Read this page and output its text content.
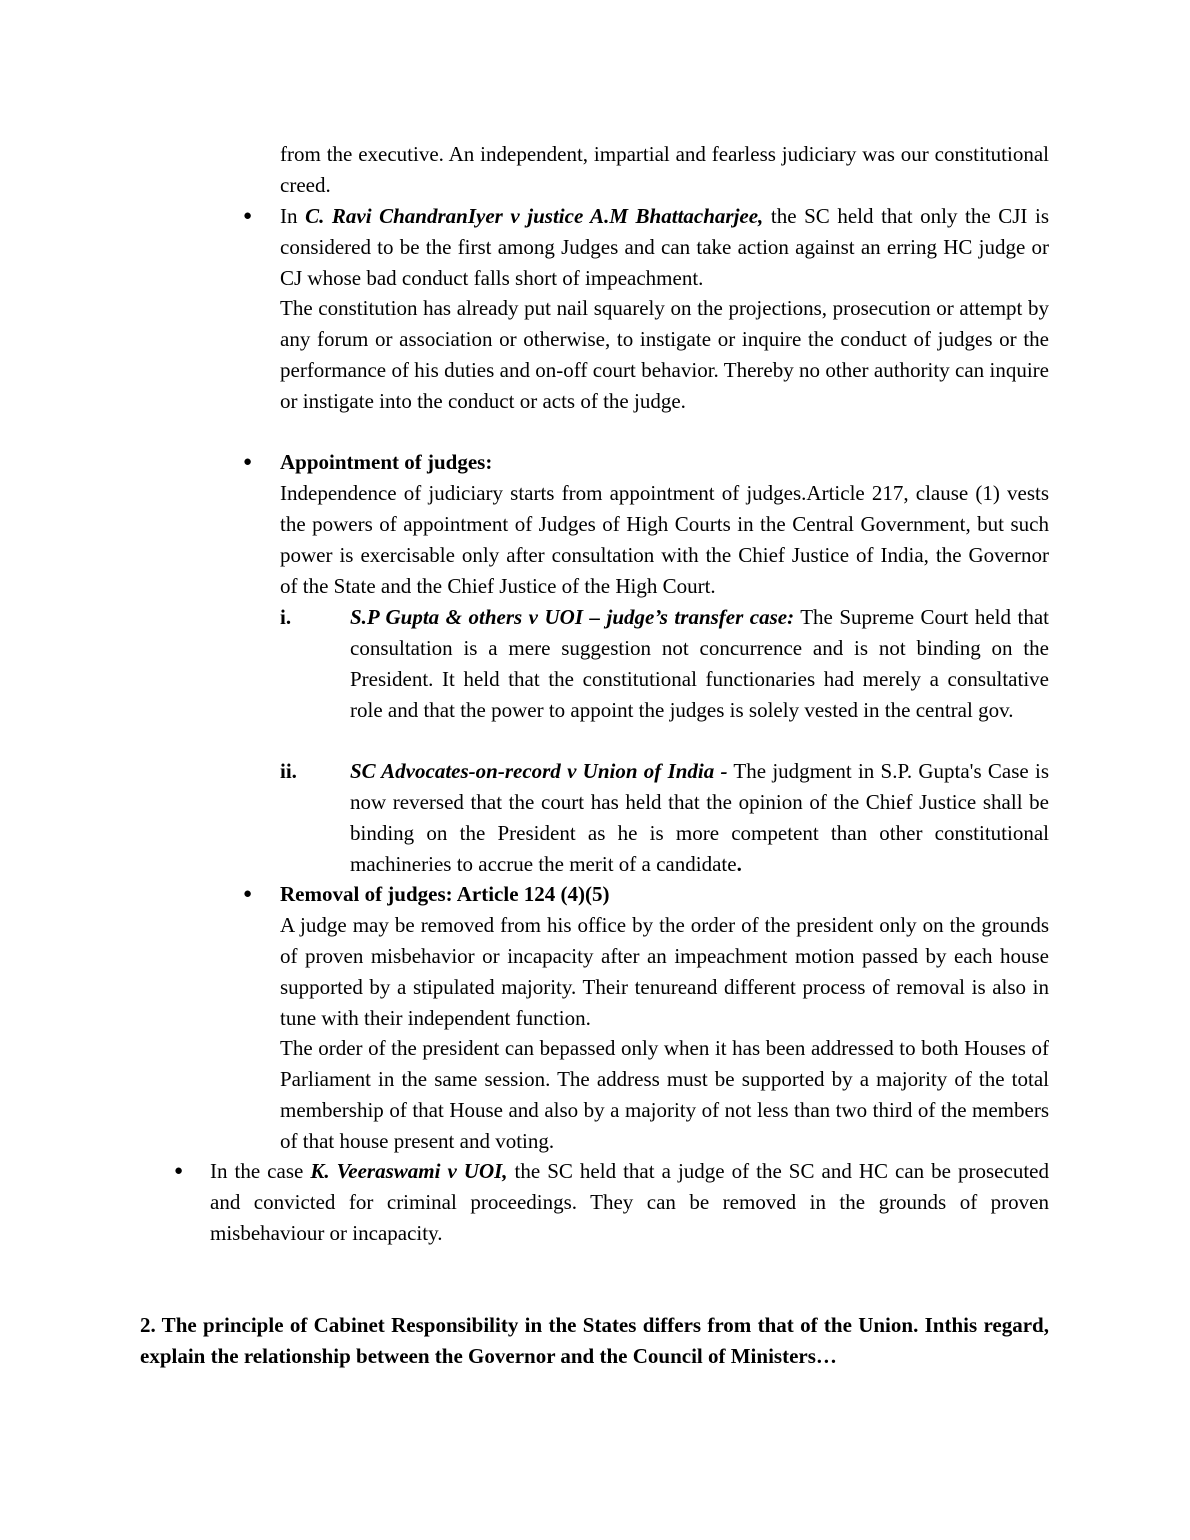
from the executive. An independent, impartial and fearless judiciary was our constitutional creed.

● In C. Ravi ChandranIyer v justice A.M Bhattacharjee, the SC held that only the CJI is considered to be the first among Judges and can take action against an erring HC judge or CJ whose bad conduct falls short of impeachment.

The constitution has already put nail squarely on the projections, prosecution or attempt by any forum or association or otherwise, to instigate or inquire the conduct of judges or the performance of his duties and on-off court behavior. Thereby no other authority can inquire or instigate into the conduct or acts of the judge.

● Appointment of judges:

Independence of judiciary starts from appointment of judges.Article 217, clause (1) vests the powers of appointment of Judges of High Courts in the Central Government, but such power is exercisable only after consultation with the Chief Justice of India, the Governor of the State and the Chief Justice of the High Court.

i.	S.P Gupta & others v UOI – judge’s transfer case: The Supreme Court held that consultation is a mere suggestion not concurrence and is not binding on the President. It held that the constitutional functionaries had merely a consultative role and that the power to appoint the judges is solely vested in the central gov.

ii.	SC Advocates-on-record v Union of India - The judgment in S.P. Gupta's Case is now reversed that the court has held that the opinion of the Chief Justice shall be binding on the President as he is more competent than other constitutional machineries to accrue the merit of a candidate.

● Removal of judges: Article 124 (4)(5)

A judge may be removed from his office by the order of the president only on the grounds of proven misbehavior or incapacity after an impeachment motion passed by each house supported by a stipulated majority. Their tenureand different process of removal is also in tune with their independent function.

The order of the president can bepassed only when it has been addressed to both Houses of Parliament in the same session. The address must be supported by a majority of the total membership of that House and also by a majority of not less than two third of the members of that house present and voting.

● In the case K. Veeraswami v UOI, the SC held that a judge of the SC and HC can be prosecuted and convicted for criminal proceedings. They can be removed in the grounds of proven misbehaviour or incapacity.

2. The principle of Cabinet Responsibility in the States differs from that of the Union. Inthis regard, explain the relationship between the Governor and the Council of Ministers…
